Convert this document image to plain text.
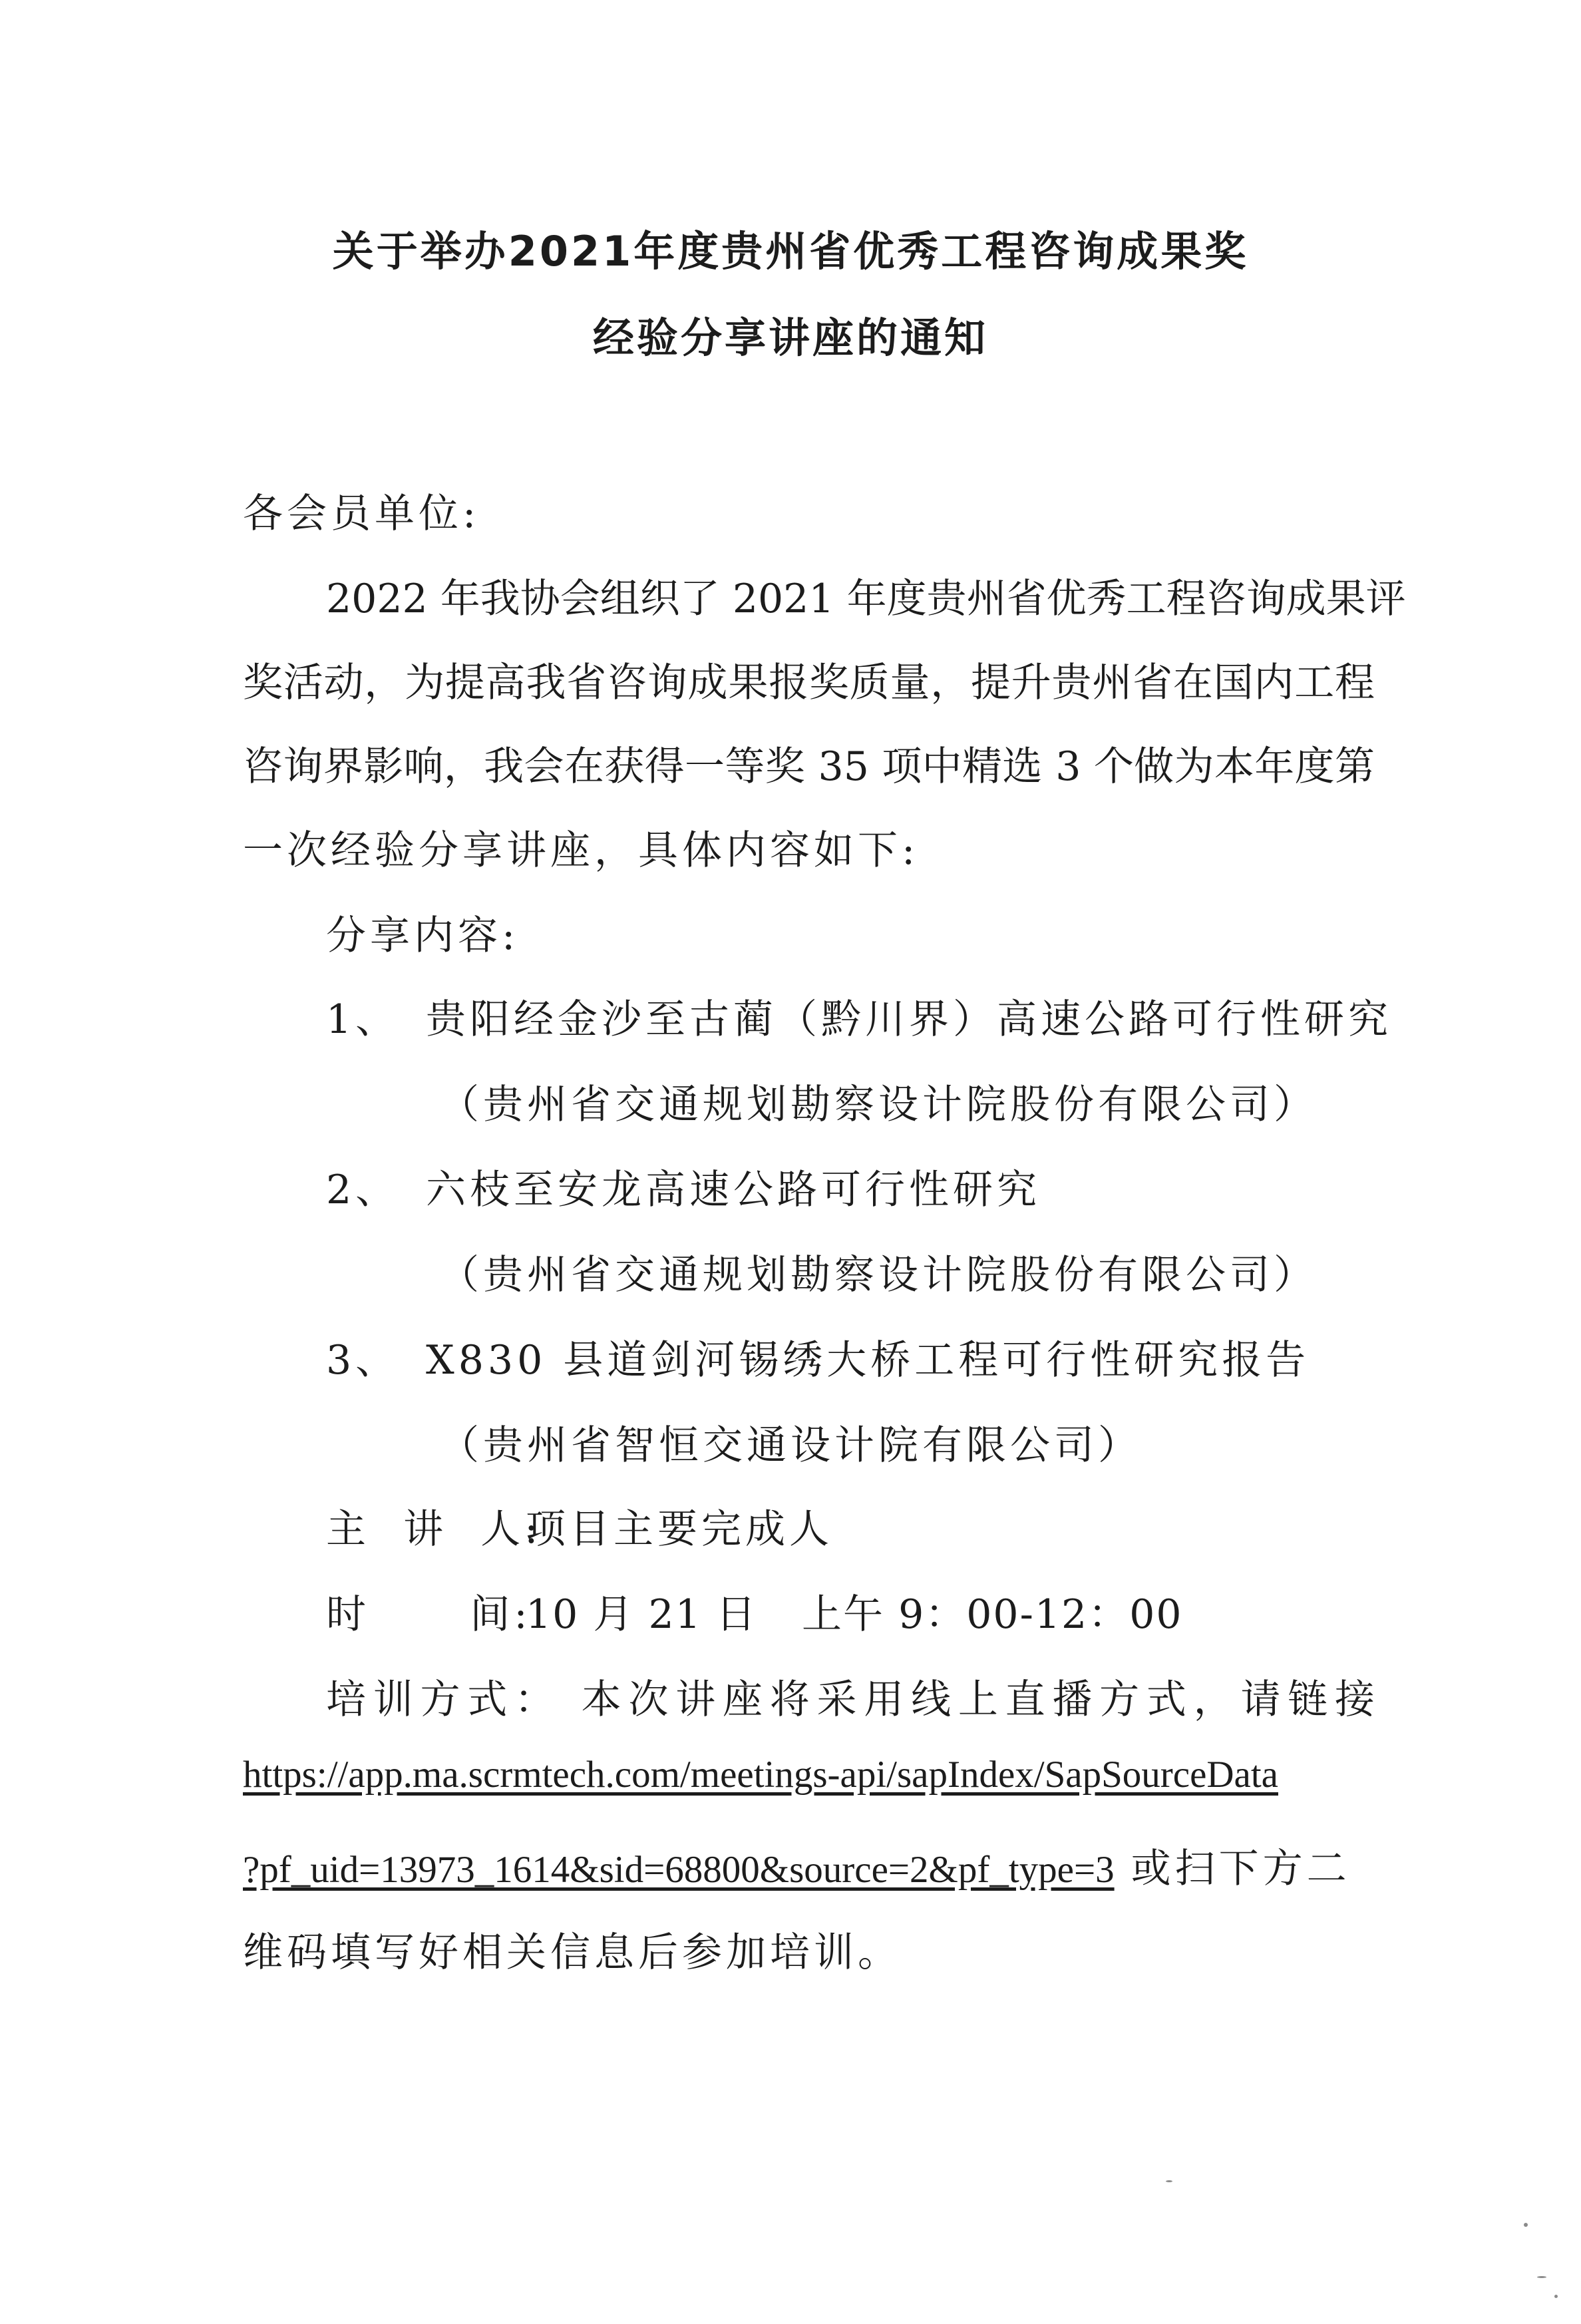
关于举办2021年度贵州省优秀工程咨询成果奖
经验分享讲座的通知
各会员单位:
2022 年我协会组织了 2021 年度贵州省优秀工程咨询成果评
奖活动，为提高我省咨询成果报奖质量，提升贵州省在国内工程
咨询界影响，我会在获得一等奖 35 项中精选 3 个做为本年度第
一次经验分享讲座，具体内容如下:
分享内容:
1、 贵阳经金沙至古蔺（黔川界）高速公路可行性研究
（贵州省交通规划勘察设计院股份有限公司）
2、 六枝至安龙高速公路可行性研究
（贵州省交通规划勘察设计院股份有限公司）
3、 X830 县道剑河锡绣大桥工程可行性研究报告
（贵州省智恒交通设计院有限公司）
主  讲  人:
项目主要完成人
时      间:
10 月 21 日 上午 9：00-12：00
培训方式： 本次讲座将采用线上直播方式，请链接
https://app.ma.scrmtech.com/meetings-api/sapIndex/SapSourceData
?pf_uid=13973_1614&sid=68800&source=2&pf_type=3 或扫下方二
维码填写好相关信息后参加培训。
